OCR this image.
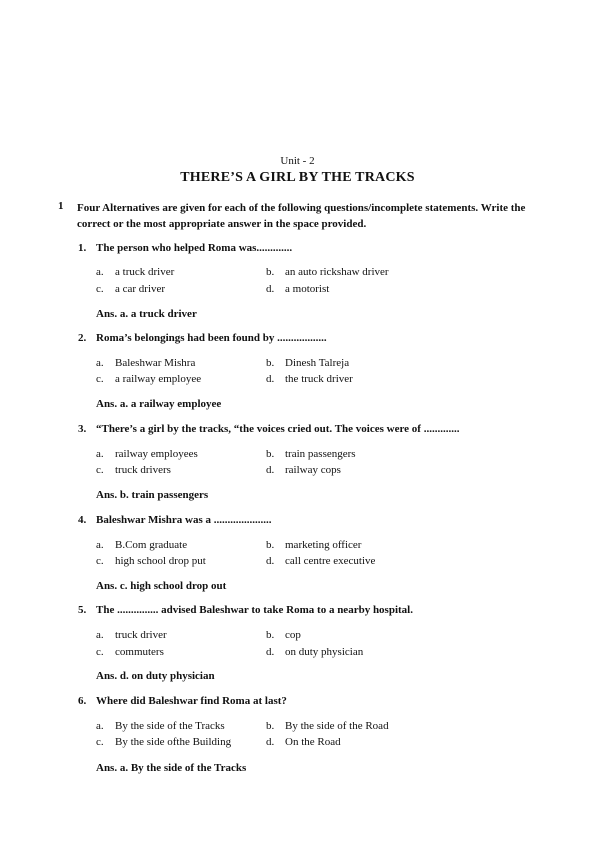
Unit - 2
THERE’S A GIRL BY THE TRACKS
1 Four Alternatives are given for each of the following questions/incomplete statements. Write the correct or the most appropriate answer in the space provided.
1. The person who helped Roma was.............
a. a truck driver	b. an auto rickshaw driver
c. a car driver	d. a motorist
Ans. a. a truck driver
2. Roma’s belongings had been found by ..................
a. Baleshwar Mishra	b. Dinesh Talreja
c. a railway employee	d. the truck driver
Ans. a. a railway employee
3. “There’s a girl by the tracks, “the voices cried out. The voices were of .............
a. railway employees	b. train passengers
c. truck drivers	d. railway cops
Ans. b. train passengers
4. Baleshwar Mishra was a .....................
a. B.Com graduate	b. marketing officer
c. high school drop put	d. call centre executive
Ans. c. high school drop out
5. The ............... advised Baleshwar to take Roma to a nearby hospital.
a. truck driver	b. cop
c. commuters	d. on duty physician
Ans. d. on duty physician
6. Where did Baleshwar find Roma at last?
a. By the side of the Tracks	b. By the side of the Road
c. By the side ofthe Building	d. On the Road
Ans. a. By the side of the Tracks
